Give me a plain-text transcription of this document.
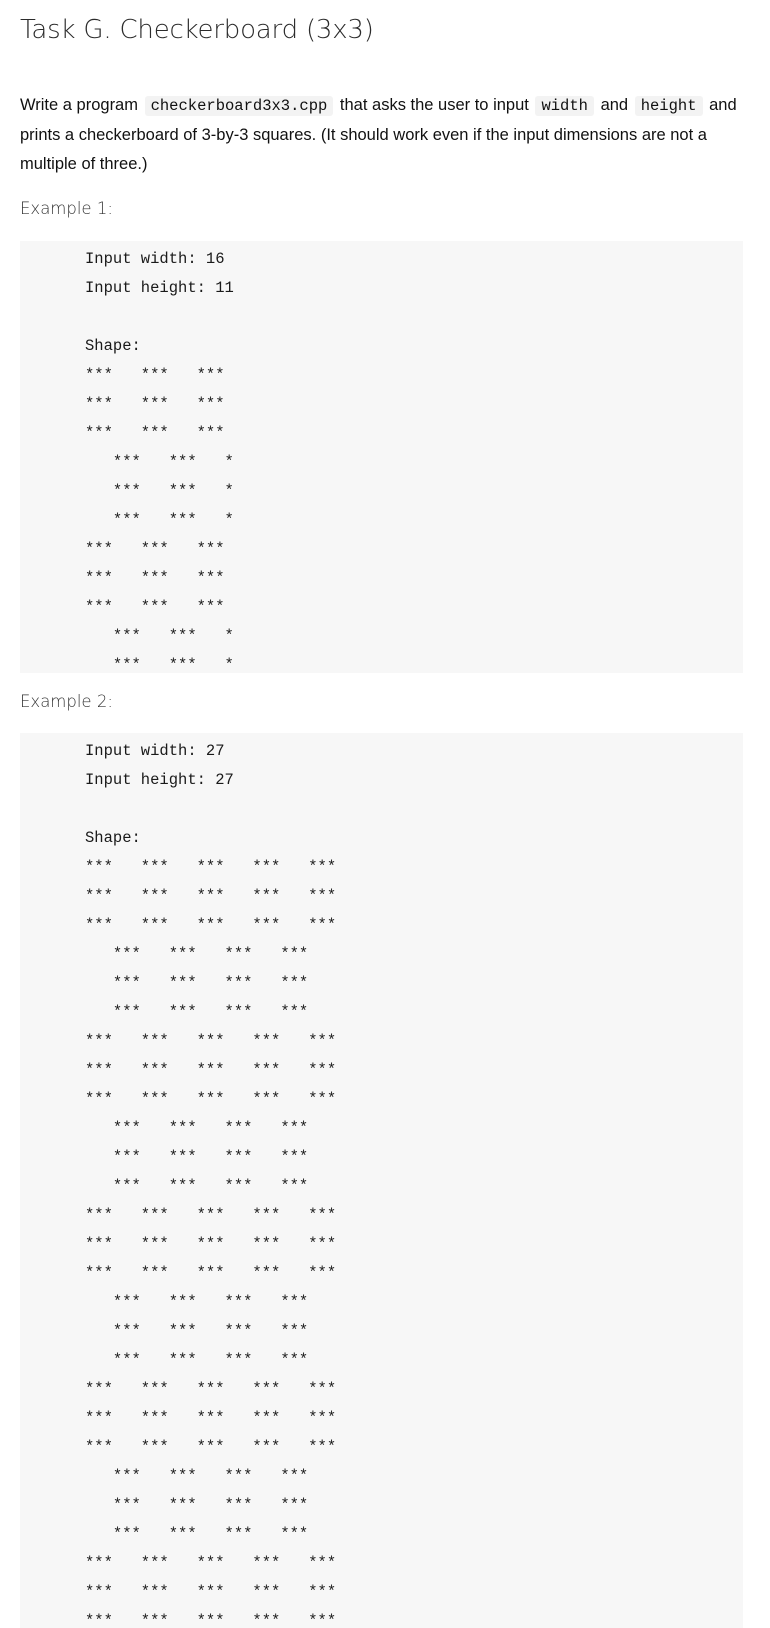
Task G. Checkerboard (3x3)

Write a program checkerboard3x3.cpp that asks the user to input width and height and prints a checkerboard of 3-by-3 squares. (It should work even if the input dimensions are not a multiple of three.)

Example 1:
Input width: 16
Input height: 11
Shape:
***   ***   ***
***   ***   ***
***   ***   ***
***   ***   *
***   ***   *
***   ***   *
***   ***   ***
***   ***   ***
***   ***   ***
***   ***   *
***   ***   *
Example 2:
Input width: 27
Input height: 27
Shape:
***   ***   ***   ***   ***
***   ***   ***   ***   ***
***   ***   ***   ***   ***
***   ***   ***   ***
***   ***   ***   ***
***   ***   ***   ***
***   ***   ***   ***   ***
***   ***   ***   ***   ***
***   ***   ***   ***   ***
***   ***   ***   ***
***   ***   ***   ***
***   ***   ***   ***
***   ***   ***   ***   ***
***   ***   ***   ***   ***
***   ***   ***   ***   ***
***   ***   ***   ***
***   ***   ***   ***
***   ***   ***   ***
***   ***   ***   ***   ***
***   ***   ***   ***   ***
***   ***   ***   ***   ***
***   ***   ***   ***
***   ***   ***   ***
***   ***   ***   ***
***   ***   ***   ***   ***
***   ***   ***   ***   ***
***   ***   ***   ***   ***
